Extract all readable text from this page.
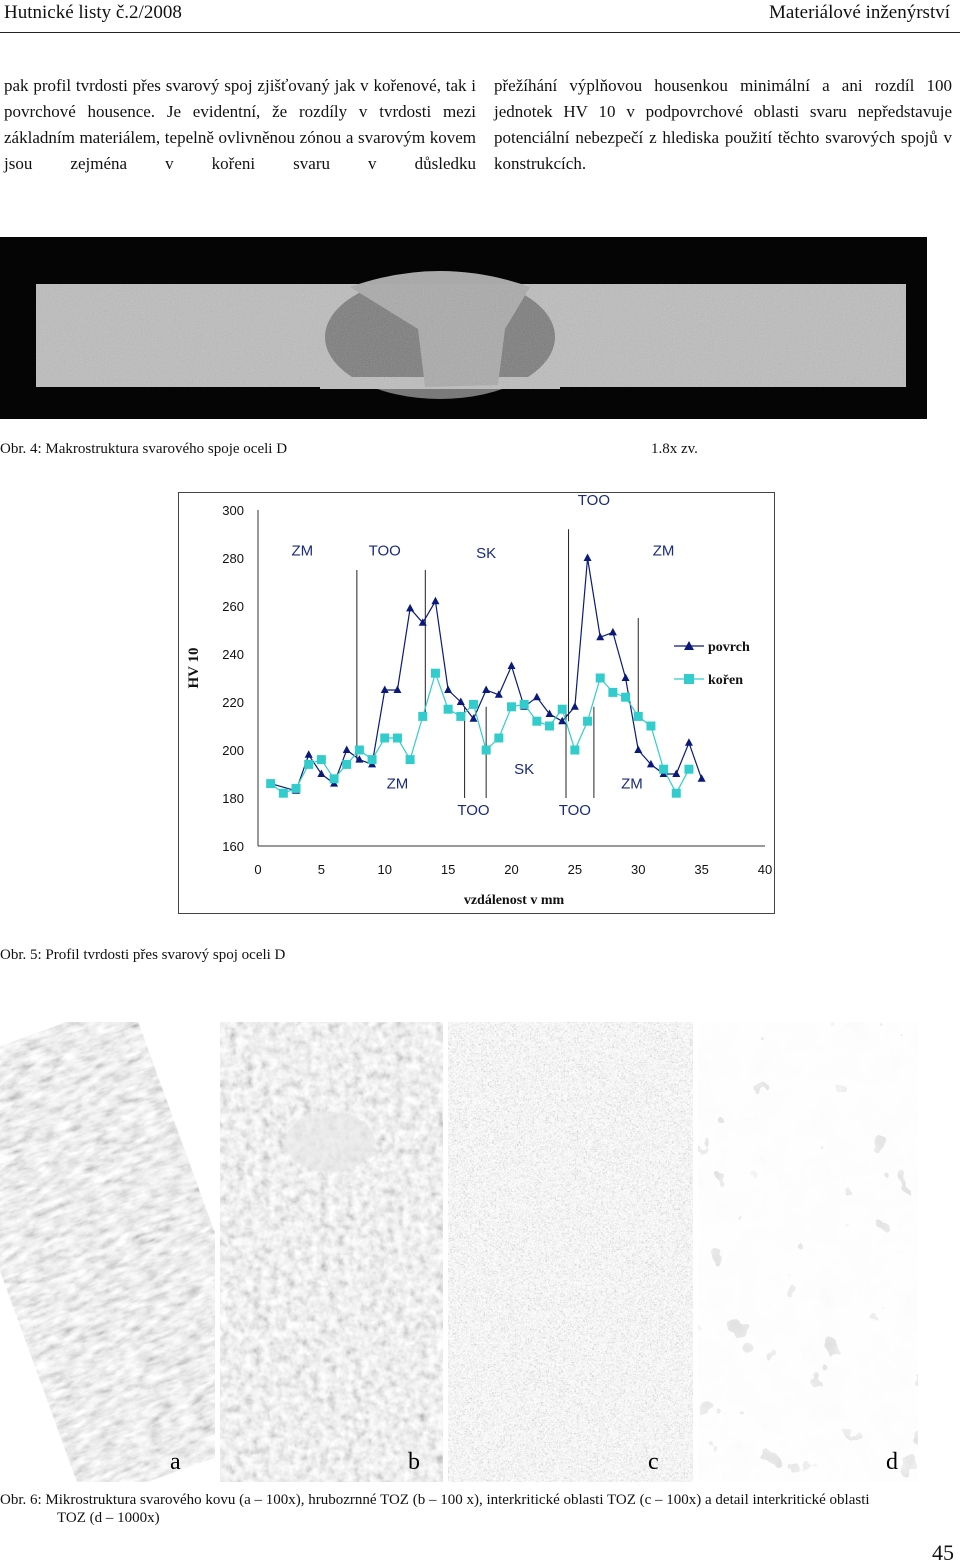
Hutnické listy č.2/2008	Materiálové inženýrství

pak profil tvrdosti přes svarový spoj zjišťovaný jak v kořenové, tak i povrchové housence. Je evidentní, že rozdíly v tvrdosti mezi základním materiálem, tepelně ovlivněnou zónou a svarovým kovem jsou zejména v kořeni svaru v důsledku

přežíhání výplňovou housenkou minimální a ani rozdíl 100 jednotek HV 10 v podpovrchové oblasti svaru nepředstavuje potenciální nebezpečí z hlediska použití těchto svarových spojů v konstrukcích.

Obr. 4: Makrostruktura svarového spoje oceli D	1.8x zv.
160
180
200
220
240
260
280
300
0	5	10	15	20	25	30	35	40
ZM	TOO	SK
TOO
ZM
ZM
SK
ZM
TOO	TOO
HV 10
vzdálenost v mm
povrch
kořen
Obr. 5: Profil tvrdosti přes svarový spoj oceli D
a	b	c	d
Obr. 6: Mikrostruktura svarového kovu (a – 100x), hrubozrnné TOZ (b – 100 x), interkritické oblasti TOZ (c – 100x) a detail interkritické oblasti
TOZ (d – 1000x)
45
